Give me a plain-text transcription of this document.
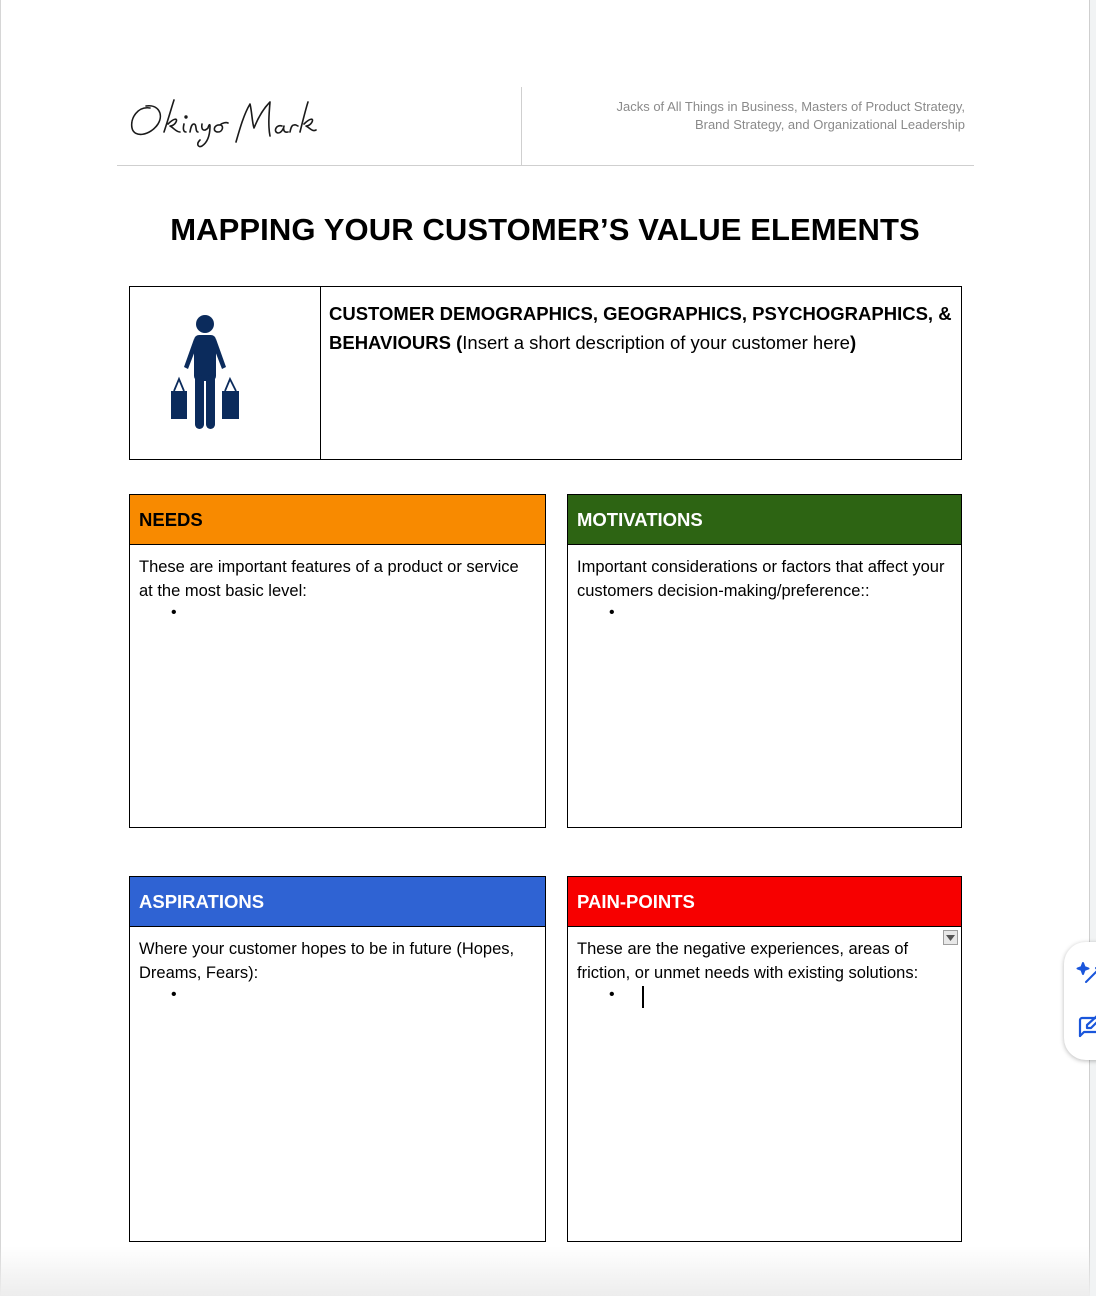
Jacks of All Things in Business, Masters of Product Strategy,
Brand Strategy, and Organizational Leadership
MAPPING YOUR CUSTOMER’S VALUE ELEMENTS
CUSTOMER DEMOGRAPHICS, GEOGRAPHICS, PSYCHOGRAPHICS, & BEHAVIOURS (Insert a short description of your customer here)
NEEDS
These are important features of a product or service at the most basic level:
•
MOTIVATIONS
Important considerations or factors that affect your customers decision-making/preference::
•
ASPIRATIONS
Where your customer hopes to be in future (Hopes, Dreams, Fears):
•
PAIN-POINTS
These are the negative experiences, areas of friction, or unmet needs with existing solutions:
•
